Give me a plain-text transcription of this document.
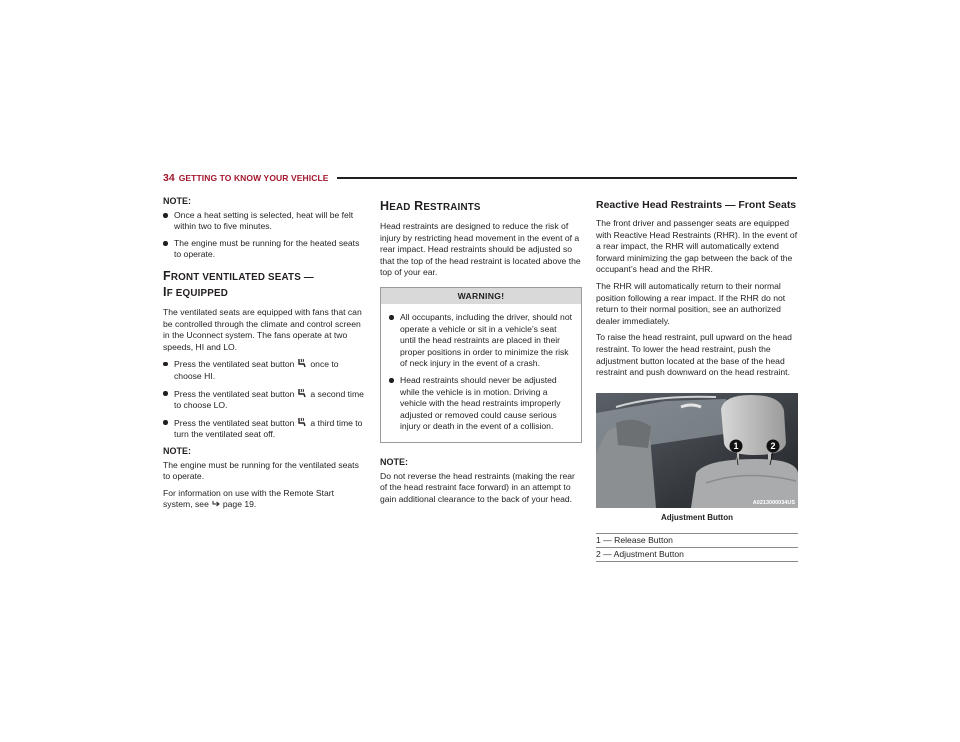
34 GETTING TO KNOW YOUR VEHICLE
NOTE:
Once a heat setting is selected, heat will be felt within two to five minutes.
The engine must be running for the heated seats to operate.
FRONT VENTILATED SEATS —
IF EQUIPPED

The ventilated seats are equipped with fans that can be controlled through the climate and control screen in the Uconnect system. The fans operate at two speeds, HI and LO.

Press the ventilated seat button once to choose HI.
Press the ventilated seat button a second time to choose LO.
Press the ventilated seat button a third time to turn the ventilated seat off.
NOTE:

The engine must be running for the ventilated seats to operate.

For information on use with the Remote Start system, see page 19.

HEAD RESTRAINTS

Head restraints are designed to reduce the risk of injury by restricting head movement in the event of a rear impact. Head restraints should be adjusted so that the top of the head restraint is located above the top of your ear.

WARNING!
All occupants, including the driver, should not operate a vehicle or sit in a vehicle’s seat until the head restraints are placed in their proper positions in order to minimize the risk of neck injury in the event of a crash.
Head restraints should never be adjusted while the vehicle is in motion. Driving a vehicle with the head restraints improperly adjusted or removed could cause serious injury or death in the event of a collision.
NOTE:

Do not reverse the head restraints (making the rear of the head restraint face forward) in an attempt to gain additional clearance to the back of your head.

Reactive Head Restraints — Front Seats

The front driver and passenger seats are equipped with Reactive Head Restraints (RHR). In the event of a rear impact, the RHR will automatically extend forward minimizing the gap between the back of the occupant’s head and the RHR.

The RHR will automatically return to their normal position following a rear impact. If the RHR do not return to their normal position, see an authorized dealer immediately.

To raise the head restraint, pull upward on the head restraint. To lower the head restraint, push the adjustment button located at the base of the head restraint and push downward on the head restraint.

1	2
A0213000034US
Adjustment Button
1 — Release Button
2 — Adjustment Button
